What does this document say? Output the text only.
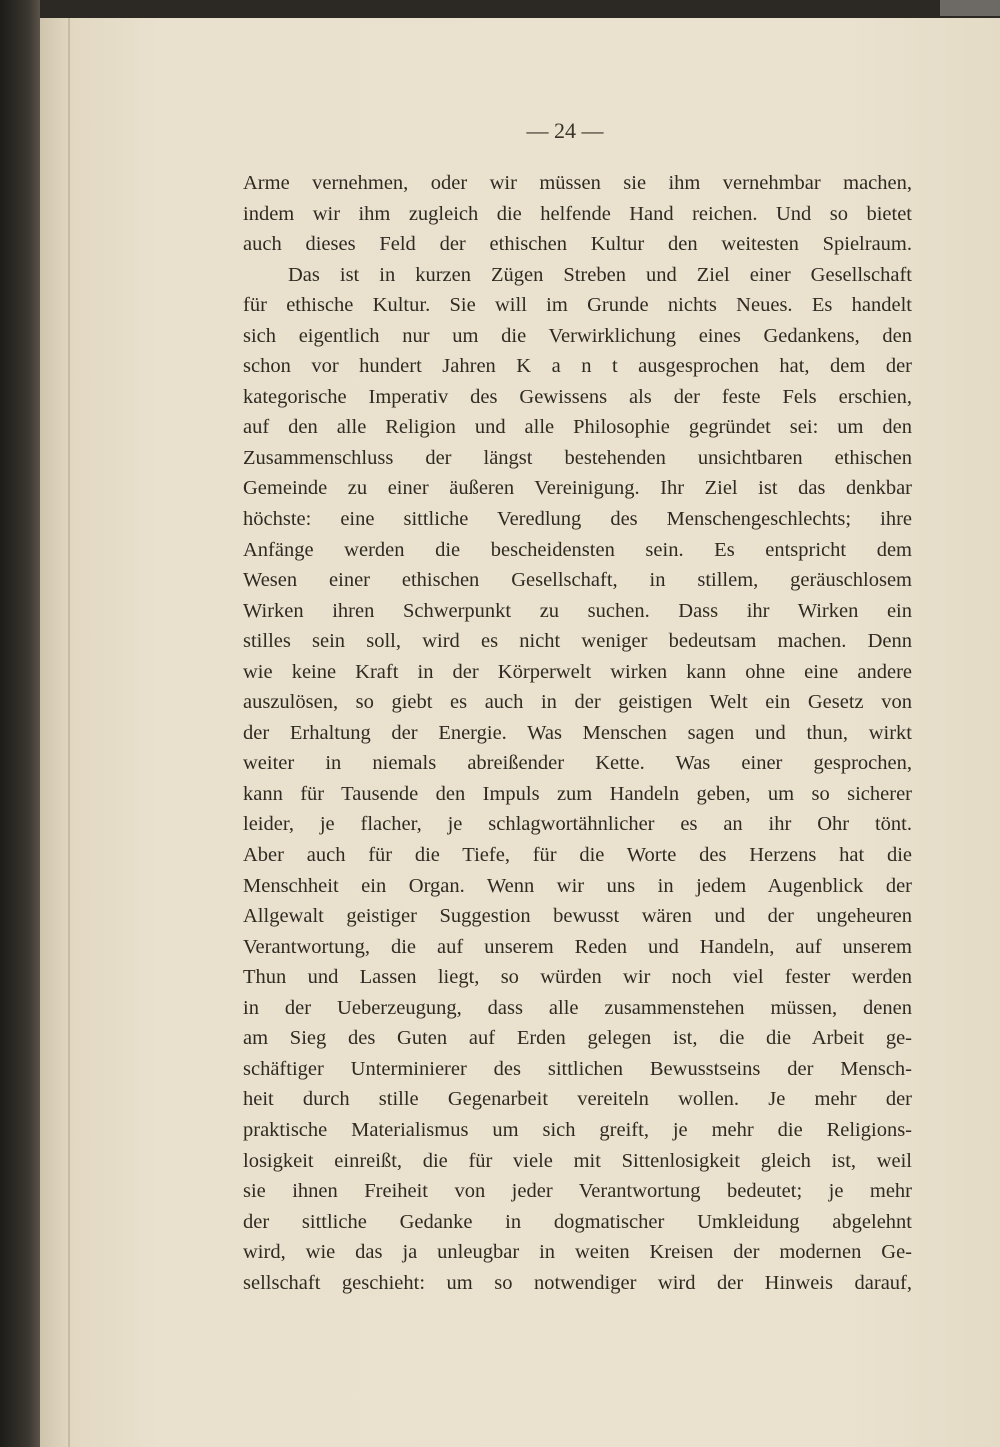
— 24 —
Arme vernehmen, oder wir müssen sie ihm vernehmbar machen,
indem wir ihm zugleich die helfende Hand reichen. Und so bietet
auch dieses Feld der ethischen Kultur den weitesten Spielraum.
Das ist in kurzen Zügen Streben und Ziel einer Gesellschaft
für ethische Kultur. Sie will im Grunde nichts Neues. Es handelt
sich eigentlich nur um die Verwirklichung eines Gedankens, den
schon vor hundert Jahren K a n t ausgesprochen hat, dem der
kategorische Imperativ des Gewissens als der feste Fels erschien,
auf den alle Religion und alle Philosophie gegründet sei: um den
Zusammenschluss der längst bestehenden unsichtbaren ethischen
Gemeinde zu einer äußeren Vereinigung. Ihr Ziel ist das denkbar
höchste: eine sittliche Veredlung des Menschengeschlechts; ihre
Anfänge werden die bescheidensten sein. Es entspricht dem
Wesen einer ethischen Gesellschaft, in stillem, geräuschlosem
Wirken ihren Schwerpunkt zu suchen. Dass ihr Wirken ein
stilles sein soll, wird es nicht weniger bedeutsam machen. Denn
wie keine Kraft in der Körperwelt wirken kann ohne eine andere
auszulösen, so giebt es auch in der geistigen Welt ein Gesetz von
der Erhaltung der Energie. Was Menschen sagen und thun, wirkt
weiter in niemals abreißender Kette. Was einer gesprochen,
kann für Tausende den Impuls zum Handeln geben, um so sicherer
leider, je flacher, je schlagwortähnlicher es an ihr Ohr tönt.
Aber auch für die Tiefe, für die Worte des Herzens hat die
Menschheit ein Organ. Wenn wir uns in jedem Augenblick der
Allgewalt geistiger Suggestion bewusst wären und der ungeheuren
Verantwortung, die auf unserem Reden und Handeln, auf unserem
Thun und Lassen liegt, so würden wir noch viel fester werden
in der Ueberzeugung, dass alle zusammenstehen müssen, denen
am Sieg des Guten auf Erden gelegen ist, die die Arbeit ge-
schäftiger Unterminierer des sittlichen Bewusstseins der Mensch-
heit durch stille Gegenarbeit vereiteln wollen. Je mehr der
praktische Materialismus um sich greift, je mehr die Religions-
losigkeit einreißt, die für viele mit Sittenlosigkeit gleich ist, weil
sie ihnen Freiheit von jeder Verantwortung bedeutet; je mehr
der sittliche Gedanke in dogmatischer Umkleidung abgelehnt
wird, wie das ja unleugbar in weiten Kreisen der modernen Ge-
sellschaft geschieht: um so notwendiger wird der Hinweis darauf,
